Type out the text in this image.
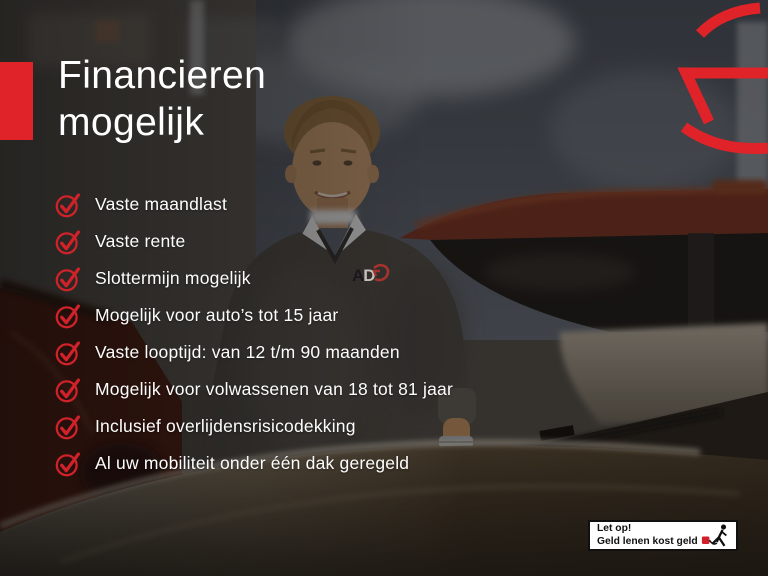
A D
Financieren
mogelijk
Vaste maandlast
Vaste rente
Slottermijn mogelijk
Mogelijk voor auto’s tot 15 jaar
Vaste looptijd: van 12 t/m 90 maanden
Mogelijk voor volwassenen van 18 tot 81 jaar
Inclusief overlijdensrisicodekking
Al uw mobiliteit onder één dak geregeld
Let op!
Geld lenen kost geld
